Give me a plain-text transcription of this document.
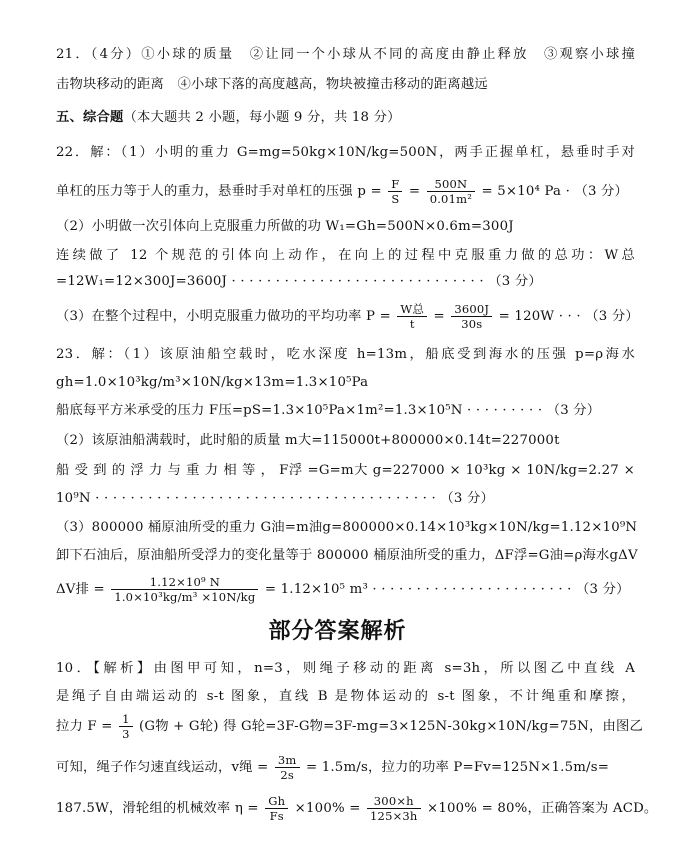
21．（4分）①小球的质量　②让同一个小球从不同的高度由静止释放　③观察小球撞
击物块移动的距离　④小球下落的高度越高，物块被撞击移动的距离越远
五、综合题（本大题共 2 小题，每小题 9 分，共 18 分）
22．解：（1）小明的重力 G=mg=50kg×10N/kg=500N，两手正握单杠，悬垂时手对
单杠的压力等于人的重力，悬垂时手对单杠的压强 $p = \frac{F}{S} = \frac{500N}{\text{0.01m²}} = 5\times 10^4$ Pa · （3 分）
（2）小明做一次引体向上克服重力所做的功 W₁=Gh=500N×0.6m=300J
连续做了 12 个规范的引体向上动作，在向上的过程中克服重力做的总功：W总
=12W₁=12×300J=3600J · · · · · · · · · · · · · · · · · · · · · · · · · · · · · （3 分）
（3）在整个过程中，小明克服重力做功的平均功率 $P = \frac{\text{W总}}{t} = \frac{3600J}{30s} = 120W$ · · · （3 分）
23．解：（1）该原油船空载时，吃水深度 h=13m，船底受到海水的压强 p=ρ海水
gh=1.0×10³kg/m³×10N/kg×13m=1.3×10⁵Pa
船底每平方米承受的压力 F压=pS=1.3×10⁵Pa×1m²=1.3×10⁵N · · · · · · · · · （3 分）
（2）该原油船满载时，此时船的质量 m大=115000t+800000×0.14t=227000t
船 受 到 的 浮 力 与 重 力 相 等 ， F浮 =G=m大 g=227000 × 10³kg × 10N/kg=2.27 ×
10⁹N · · · · · · · · · · · · · · · · · · · · · · · · · · · · · · · · · · · · · · · （3 分）
（3）800000 桶原油所受的重力 G油=m油g=800000×0.14×10³kg×10N/kg=1.12×10⁹N
卸下石油后，原油船所受浮力的变化量等于 800000 桶原油所受的重力，ΔF浮=G油=ρ海水gΔV
ΔV排 = $\frac{\text{1.12×10⁹ N}}{\text{1.0×10³kg/m³ ×10N/kg}} = 1.12\times 10^5$ m³ · · · · · · · · · · · · · · · · · · · · · · · （3 分）
部分答案解析
10．【解析】由图甲可知，n=3，则绳子移动的距离 s=3h，所以图乙中直线 A
是绳子自由端运动的 s-t 图象，直线 B 是物体运动的 s-t 图象，不计绳重和摩擦，
拉力 $F = \frac{1}{3} (G$物 + G轮) 得 G轮=3F-G物=3F-mg=3×125N-30kg×10N/kg=75N，由图乙
可知，绳子作匀速直线运动，v绳 = $\frac{3m}{2s} = 1.5m/s$，拉力的功率 P=Fv=125N×1.5m/s=
187.5W，滑轮组的机械效率 $\eta = \frac{Gh}{Fs} \times 100\% = \frac{300\times h}{125\times 3h} \times 100\% = 80\%$，正确答案为 ACD。
